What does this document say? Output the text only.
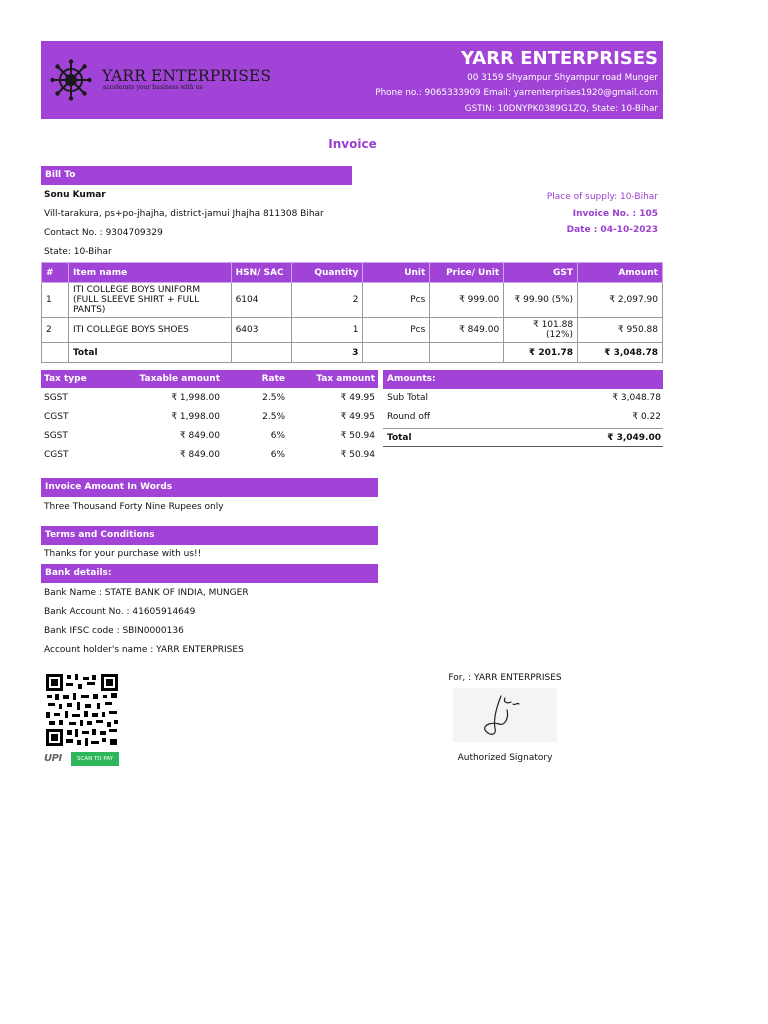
YARR ENTERPRISES
accelerate your business with us
YARR ENTERPRISES
00 3159 Shyampur Shyampur road Munger
Phone no.: 9065333909 Email: yarrenterprises1920@gmail.com
GSTIN: 10DNYPK0389G1ZQ, State: 10-Bihar
Invoice
Bill To
Sonu Kumar
Vill-tarakura, ps+po-jhajha, district-jamui Jhajha 811308 Bihar
Contact No. : 9304709329
State: 10-Bihar
Place of supply: 10-Bihar
Invoice No. : 105
Date : 04-10-2023
#	Item name	HSN/ SAC	Quantity	Unit	Price/ Unit	GST	Amount
1	ITI COLLEGE BOYS UNIFORM (FULL SLEEVE SHIRT + FULL PANTS)	6104	2	Pcs	₹ 999.00	₹ 99.90 (5%)	₹ 2,097.90
2	ITI COLLEGE BOYS SHOES	6403	1	Pcs	₹ 849.00	₹ 101.88 (12%)	₹ 950.88
	Total		3			₹ 201.78	₹ 3,048.78
Tax type	Taxable amount	Rate	Tax amount
SGST	₹ 1,998.00	2.5%	₹ 49.95
CGST	₹ 1,998.00	2.5%	₹ 49.95
SGST	₹ 849.00	6%	₹ 50.94
CGST	₹ 849.00	6%	₹ 50.94
Amounts:
Sub Total	₹ 3,048.78
Round off	₹ 0.22
Total	₹ 3,049.00
Invoice Amount In Words
Three Thousand Forty Nine Rupees only
Terms and Conditions
Thanks for your purchase with us!!
Bank details:
Bank Name : STATE BANK OF INDIA, MUNGER
Bank Account No. : 41605914649
Bank IFSC code : SBIN0000136
Account holder's name : YARR ENTERPRISES
UPI	SCAN TO PAY
For, : YARR ENTERPRISES
Authorized Signatory
